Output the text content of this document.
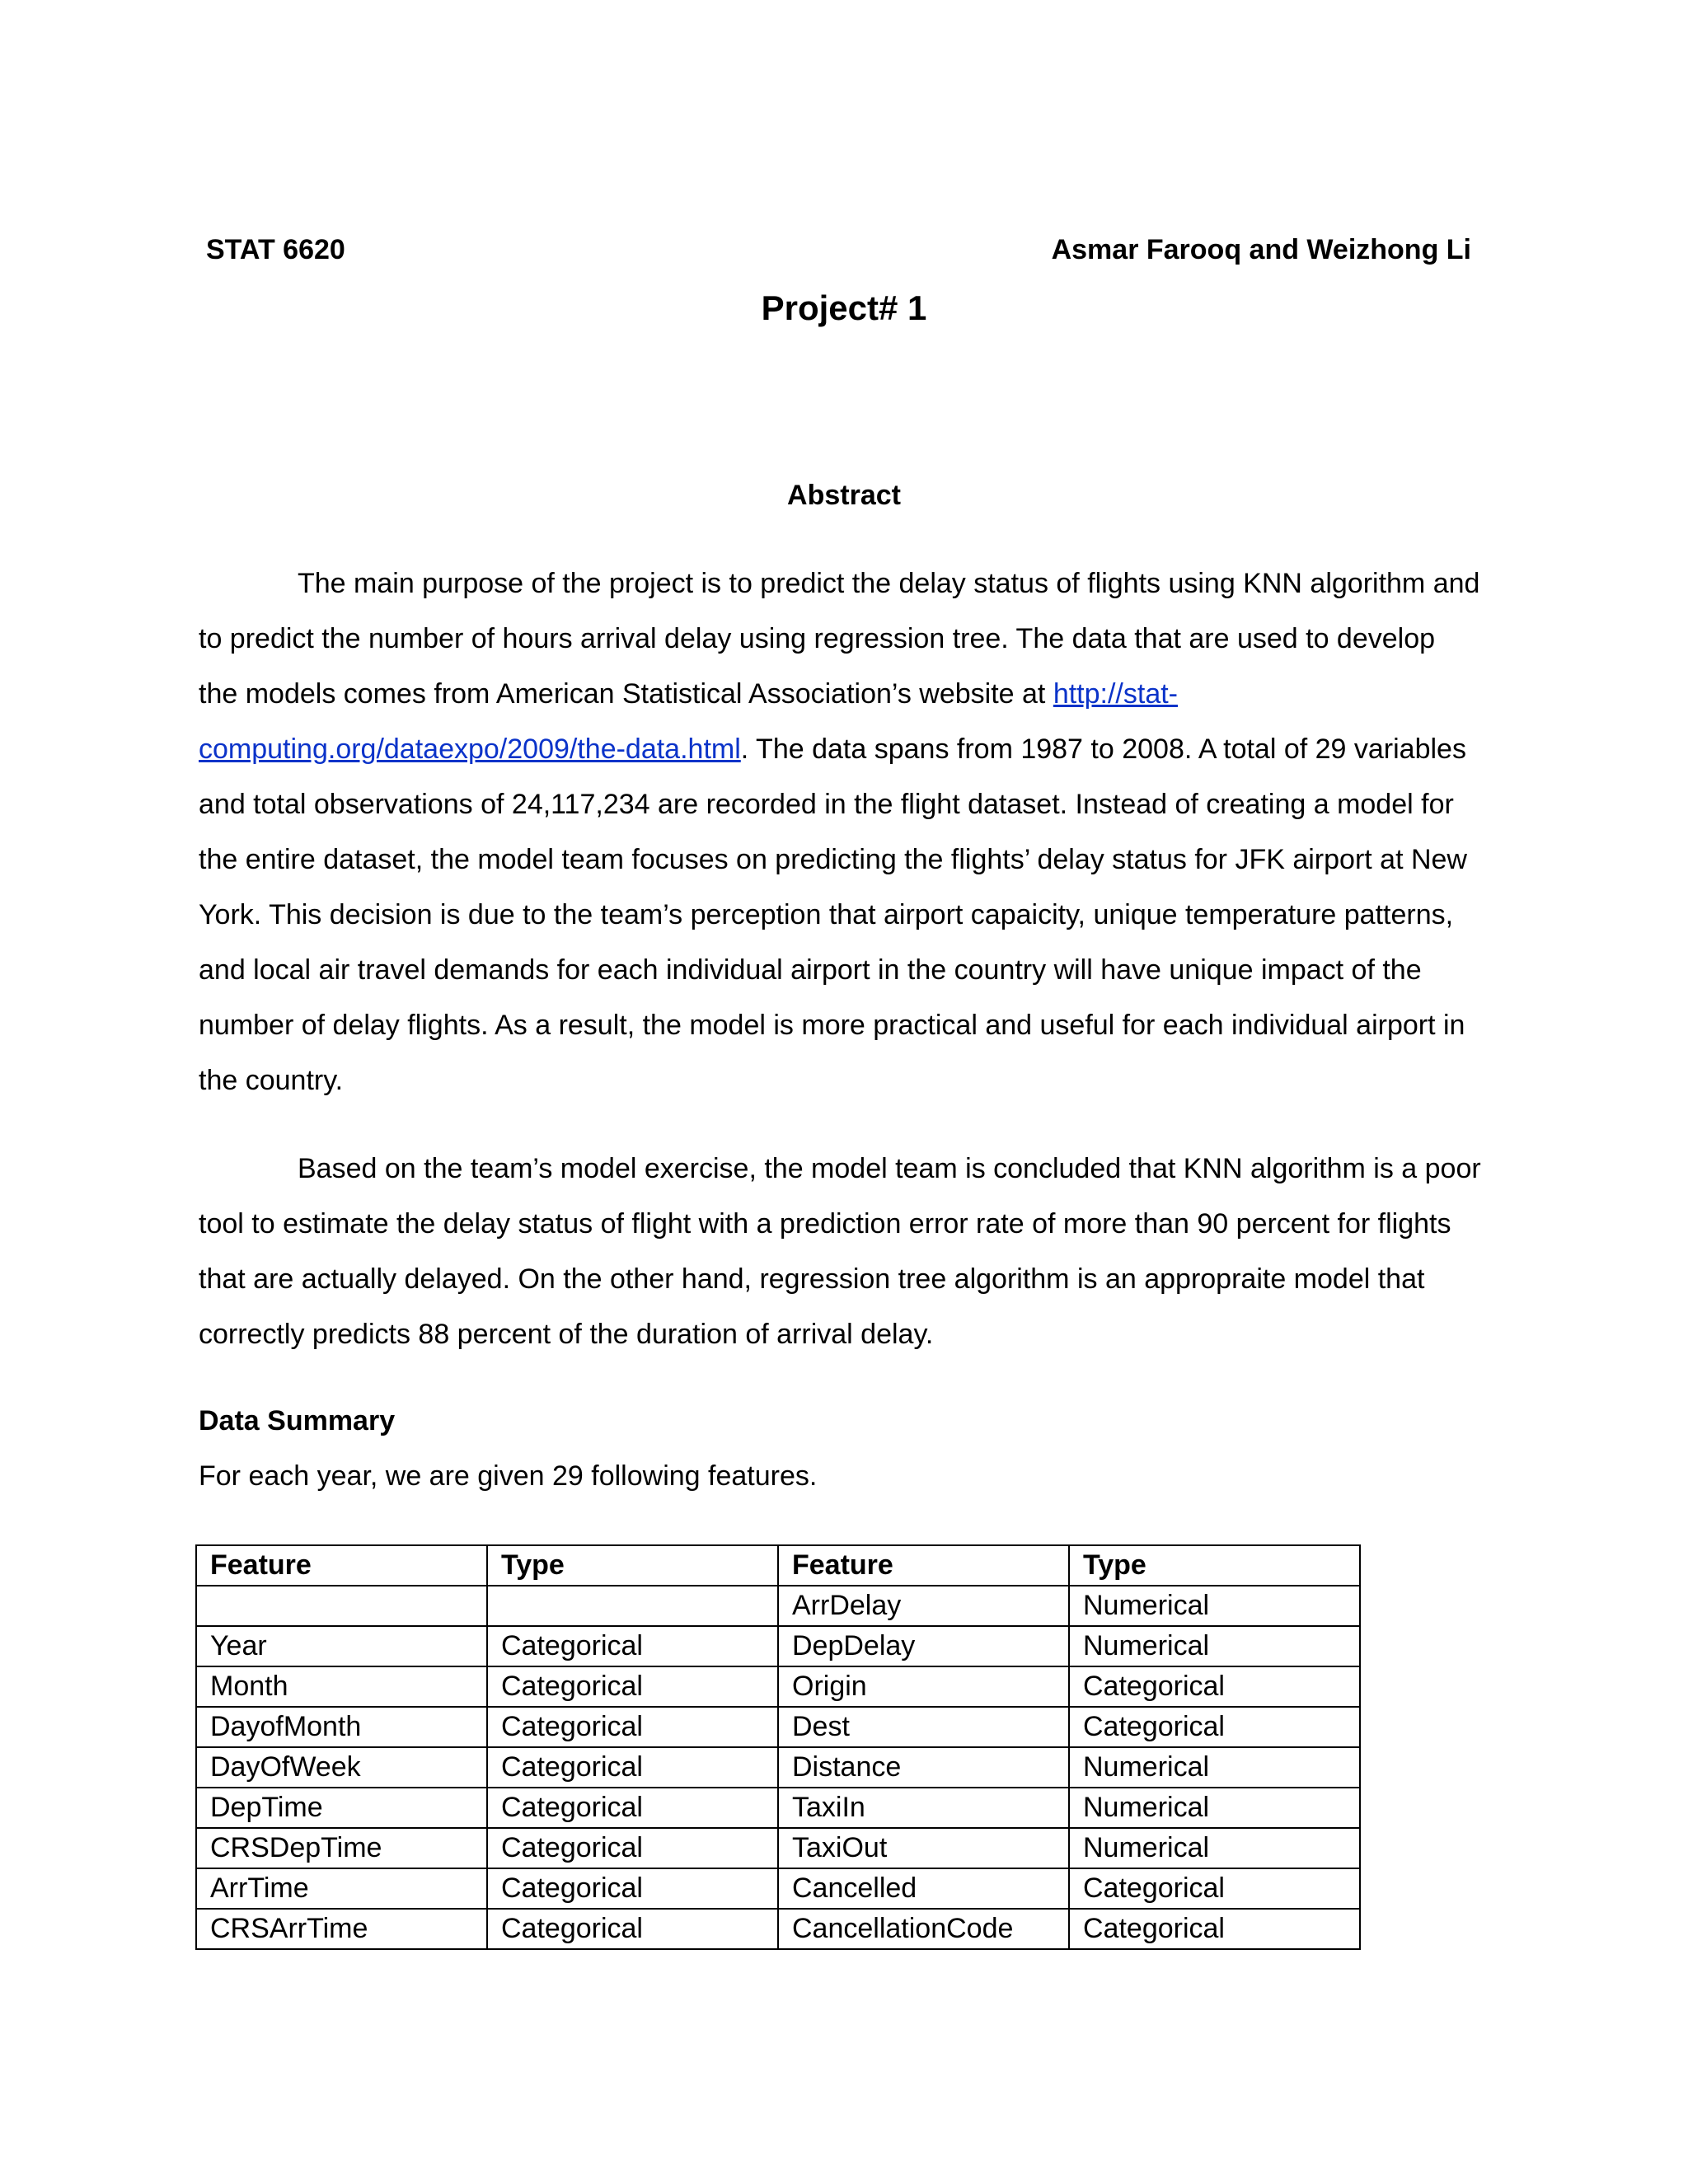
STAT 6620	Asmar Farooq and Weizhong Li
Project# 1
Abstract

The main purpose of the project is to predict the delay status of flights using KNN algorithm and to predict the number of hours arrival delay using regression tree. The data that are used to develop the models comes from American Statistical Association’s website at http://stat-computing.org/dataexpo/2009/the-data.html. The data spans from 1987 to 2008. A total of 29 variables and total observations of 24,117,234 are recorded in the flight dataset. Instead of creating a model for the entire dataset, the model team focuses on predicting the flights’ delay status for JFK airport at New York. This decision is due to the team’s perception that airport capaicity, unique temperature patterns, and local air travel demands for each individual airport in the country will have unique impact of the number of delay flights. As a result, the model is more practical and useful for each individual airport in the country.

Based on the team’s model exercise, the model team is concluded that KNN algorithm is a poor tool to estimate the delay status of flight with a prediction error rate of more than 90 percent for flights that are actually delayed. On the other hand, regression tree algorithm is an appropraite model that correctly predicts 88 percent of the duration of arrival delay.

Data Summary
For each year, we are given 29 following features.
Feature	Type	Feature	Type
		ArrDelay	Numerical
Year	Categorical	DepDelay	Numerical
Month	Categorical	Origin	Categorical
DayofMonth	Categorical	Dest	Categorical
DayOfWeek	Categorical	Distance	Numerical
DepTime	Categorical	TaxiIn	Numerical
CRSDepTime	Categorical	TaxiOut	Numerical
ArrTime	Categorical	Cancelled	Categorical
CRSArrTime	Categorical	CancellationCode	Categorical
